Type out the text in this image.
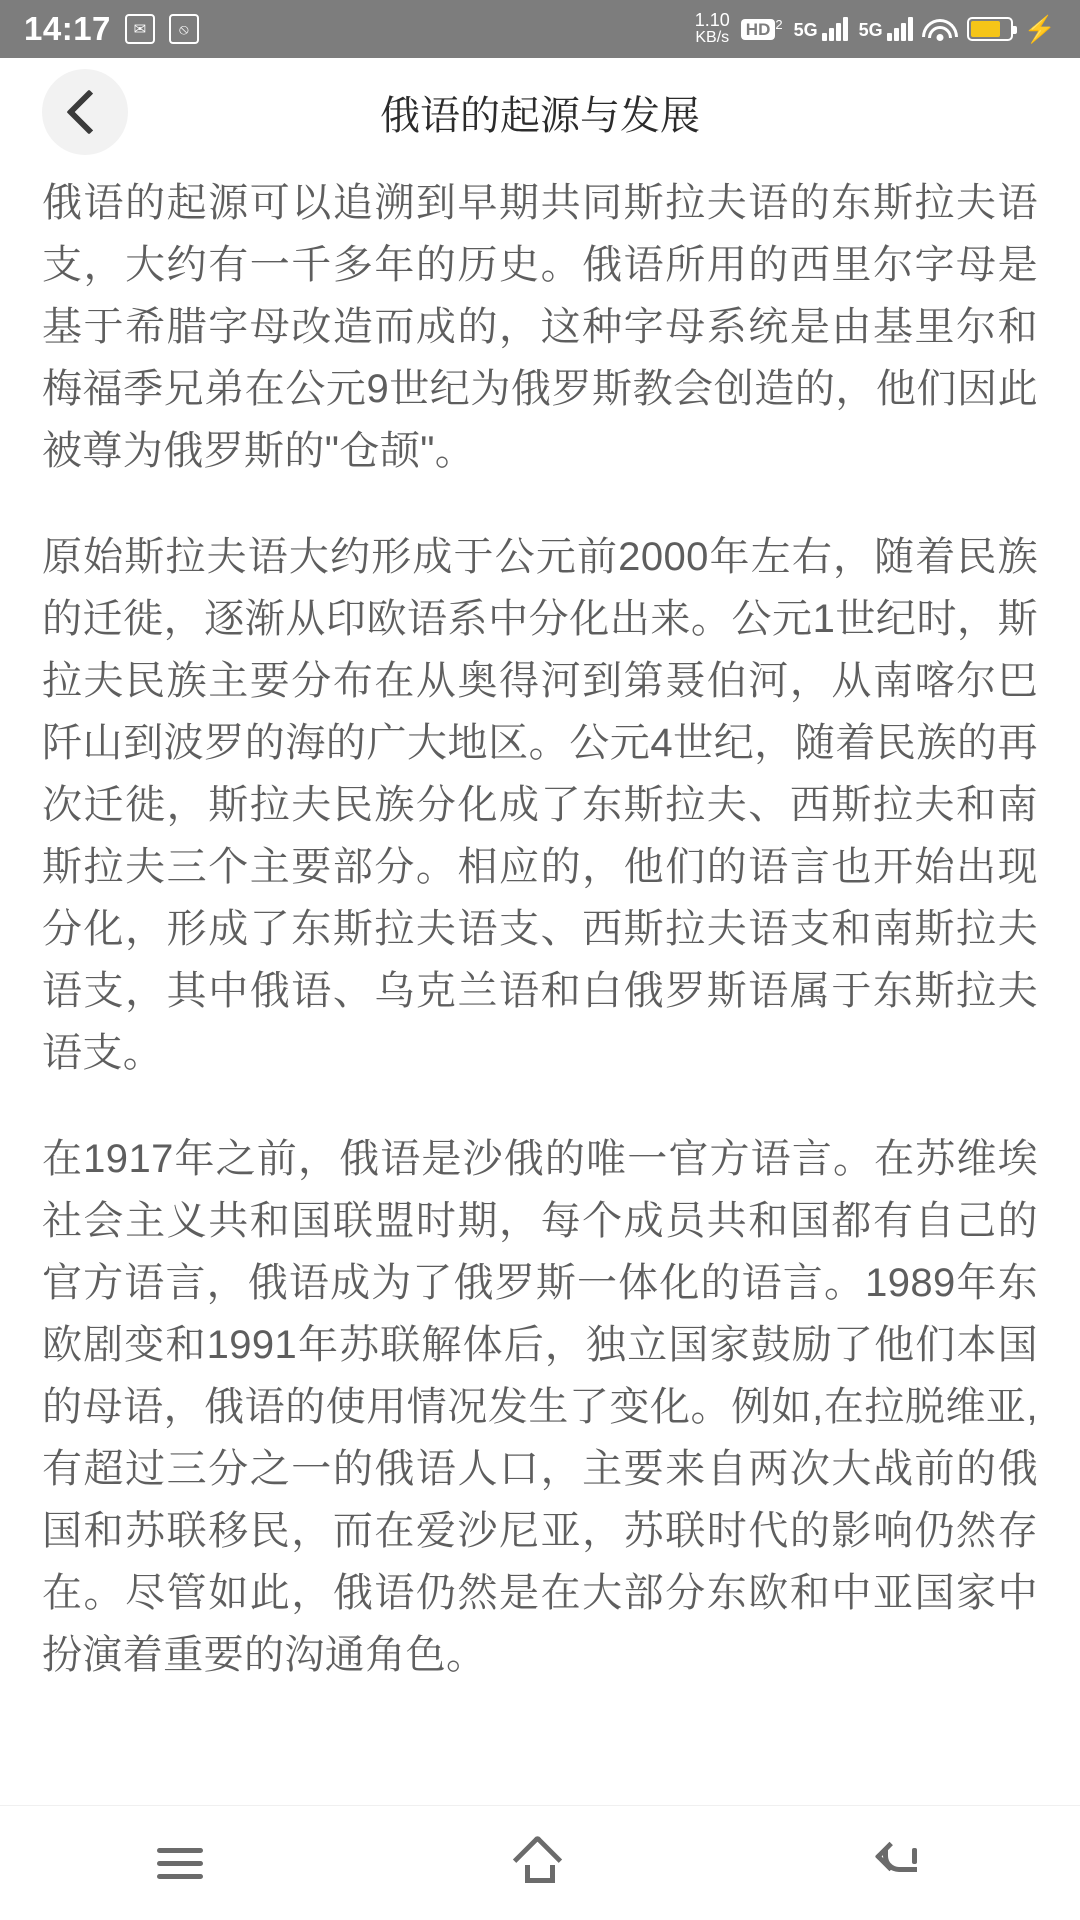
14:17	✉	⦸	1.10
KB/s HD $^2$ 5G 5G	⚡
俄语的起源与发展

俄语的起源可以追溯到早期共同斯拉夫语的东斯拉夫语支，大约有一千多年的历史。俄语所用的西里尔字母是基于希腊字母改造而成的，这种字母系统是由基里尔和梅福季兄弟在公元9世纪为俄罗斯教会创造的，他们因此被尊为俄罗斯的"仓颉"。

原始斯拉夫语大约形成于公元前2000年左右，随着民族的迁徙，逐渐从印欧语系中分化出来。公元1世纪时，斯拉夫民族主要分布在从奥得河到第聂伯河，从南喀尔巴阡山到波罗的海的广大地区。公元4世纪，随着民族的再次迁徙，斯拉夫民族分化成了东斯拉夫、西斯拉夫和南斯拉夫三个主要部分。相应的，他们的语言也开始出现分化，形成了东斯拉夫语支、西斯拉夫语支和南斯拉夫语支，其中俄语、乌克兰语和白俄罗斯语属于东斯拉夫语支。

在1917年之前，俄语是沙俄的唯一官方语言。在苏维埃社会主义共和国联盟时期，每个成员共和国都有自己的官方语言，俄语成为了俄罗斯一体化的语言。1989年东欧剧变和1991年苏联解体后，独立国家鼓励了他们本国的母语，俄语的使用情况发生了变化。例如,在拉脱维亚,有超过三分之一的俄语人口，主要来自两次大战前的俄国和苏联移民，而在爱沙尼亚，苏联时代的影响仍然存在。尽管如此，俄语仍然是在大部分东欧和中亚国家中扮演着重要的沟通角色。
